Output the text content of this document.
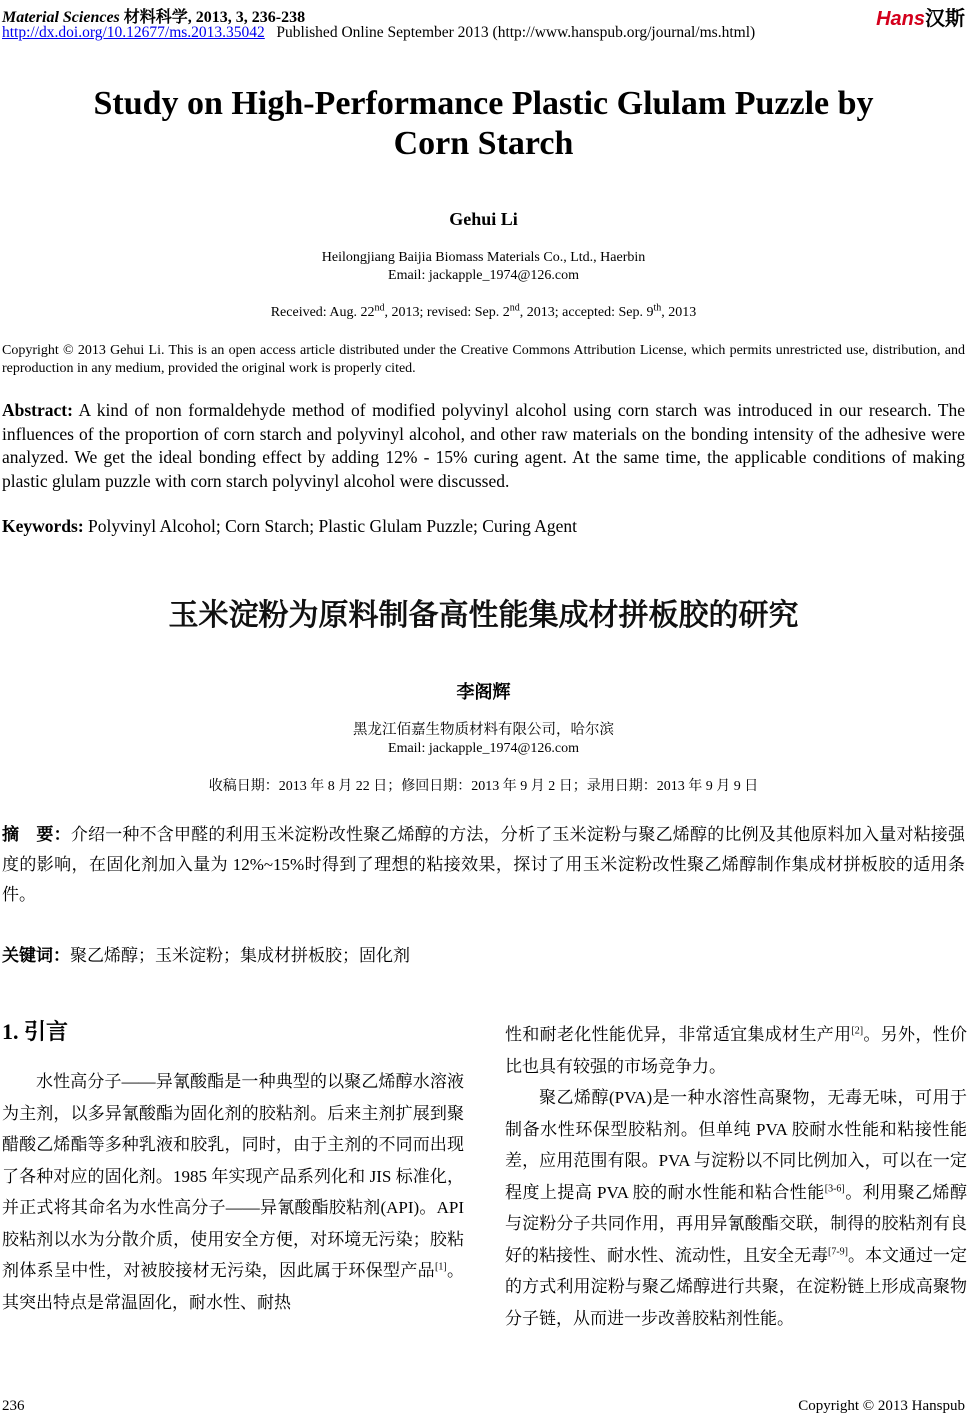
Material Sciences 材料科学, 2013, 3, 236-238
http://dx.doi.org/10.12677/ms.2013.35042 Published Online September 2013 (http://www.hanspub.org/journal/ms.html)
Hans汉斯
Study on High-Performance Plastic Glulam Puzzle by
Corn Starch
Gehui Li
Heilongjiang Baijia Biomass Materials Co., Ltd., Haerbin
Email: jackapple_1974@126.com
Received: Aug. 22nd, 2013; revised: Sep. 2nd, 2013; accepted: Sep. 9th, 2013
Copyright © 2013 Gehui Li. This is an open access article distributed under the Creative Commons Attribution License, which permits unrestricted use, distribution, and reproduction in any medium, provided the original work is properly cited.
Abstract: A kind of non formaldehyde method of modified polyvinyl alcohol using corn starch was introduced in our research. The influences of the proportion of corn starch and polyvinyl alcohol, and other raw materials on the bonding intensity of the adhesive were analyzed. We get the ideal bonding effect by adding 12% - 15% curing agent. At the same time, the applicable conditions of making plastic glulam puzzle with corn starch polyvinyl alcohol were discussed.
Keywords: Polyvinyl Alcohol; Corn Starch; Plastic Glulam Puzzle; Curing Agent
玉米淀粉为原料制备高性能集成材拼板胶的研究
李阁辉
黑龙江佰嘉生物质材料有限公司，哈尔滨
Email: jackapple_1974@126.com
收稿日期：2013 年 8 月 22 日；修回日期：2013 年 9 月 2 日；录用日期：2013 年 9 月 9 日
摘　要：介绍一种不含甲醛的利用玉米淀粉改性聚乙烯醇的方法，分析了玉米淀粉与聚乙烯醇的比例及其他原料加入量对粘接强度的影响，在固化剂加入量为 12%~15%时得到了理想的粘接效果，探讨了用玉米淀粉改性聚乙烯醇制作集成材拼板胶的适用条件。
关键词：聚乙烯醇；玉米淀粉；集成材拼板胶；固化剂
1. 引言

水性高分子——异氰酸酯是一种典型的以聚乙烯醇水溶液为主剂，以多异氰酸酯为固化剂的胶粘剂。后来主剂扩展到聚醋酸乙烯酯等多种乳液和胶乳，同时，由于主剂的不同而出现了各种对应的固化剂。1985 年实现产品系列化和 JIS 标准化，并正式将其命名为水性高分子——异氰酸酯胶粘剂(API)。API 胶粘剂以水为分散介质，使用安全方便，对环境无污染；胶粘剂体系呈中性，对被胶接材无污染，因此属于环保型产品[1]。其突出特点是常温固化，耐水性、耐热

性和耐老化性能优异，非常适宜集成材生产用[2]。另外，性价比也具有较强的市场竞争力。

聚乙烯醇(PVA)是一种水溶性高聚物，无毒无味，可用于制备水性环保型胶粘剂。但单纯 PVA 胶耐水性能和粘接性能差，应用范围有限。PVA 与淀粉以不同比例加入，可以在一定程度上提高 PVA 胶的耐水性能和粘合性能[3-6]。利用聚乙烯醇与淀粉分子共同作用，再用异氰酸酯交联，制得的胶粘剂有良好的粘接性、耐水性、流动性，且安全无毒[7-9]。本文通过一定的方式利用淀粉与聚乙烯醇进行共聚，在淀粉链上形成高聚物分子链，从而进一步改善胶粘剂性能。

236	Copyright © 2013 Hanspub
